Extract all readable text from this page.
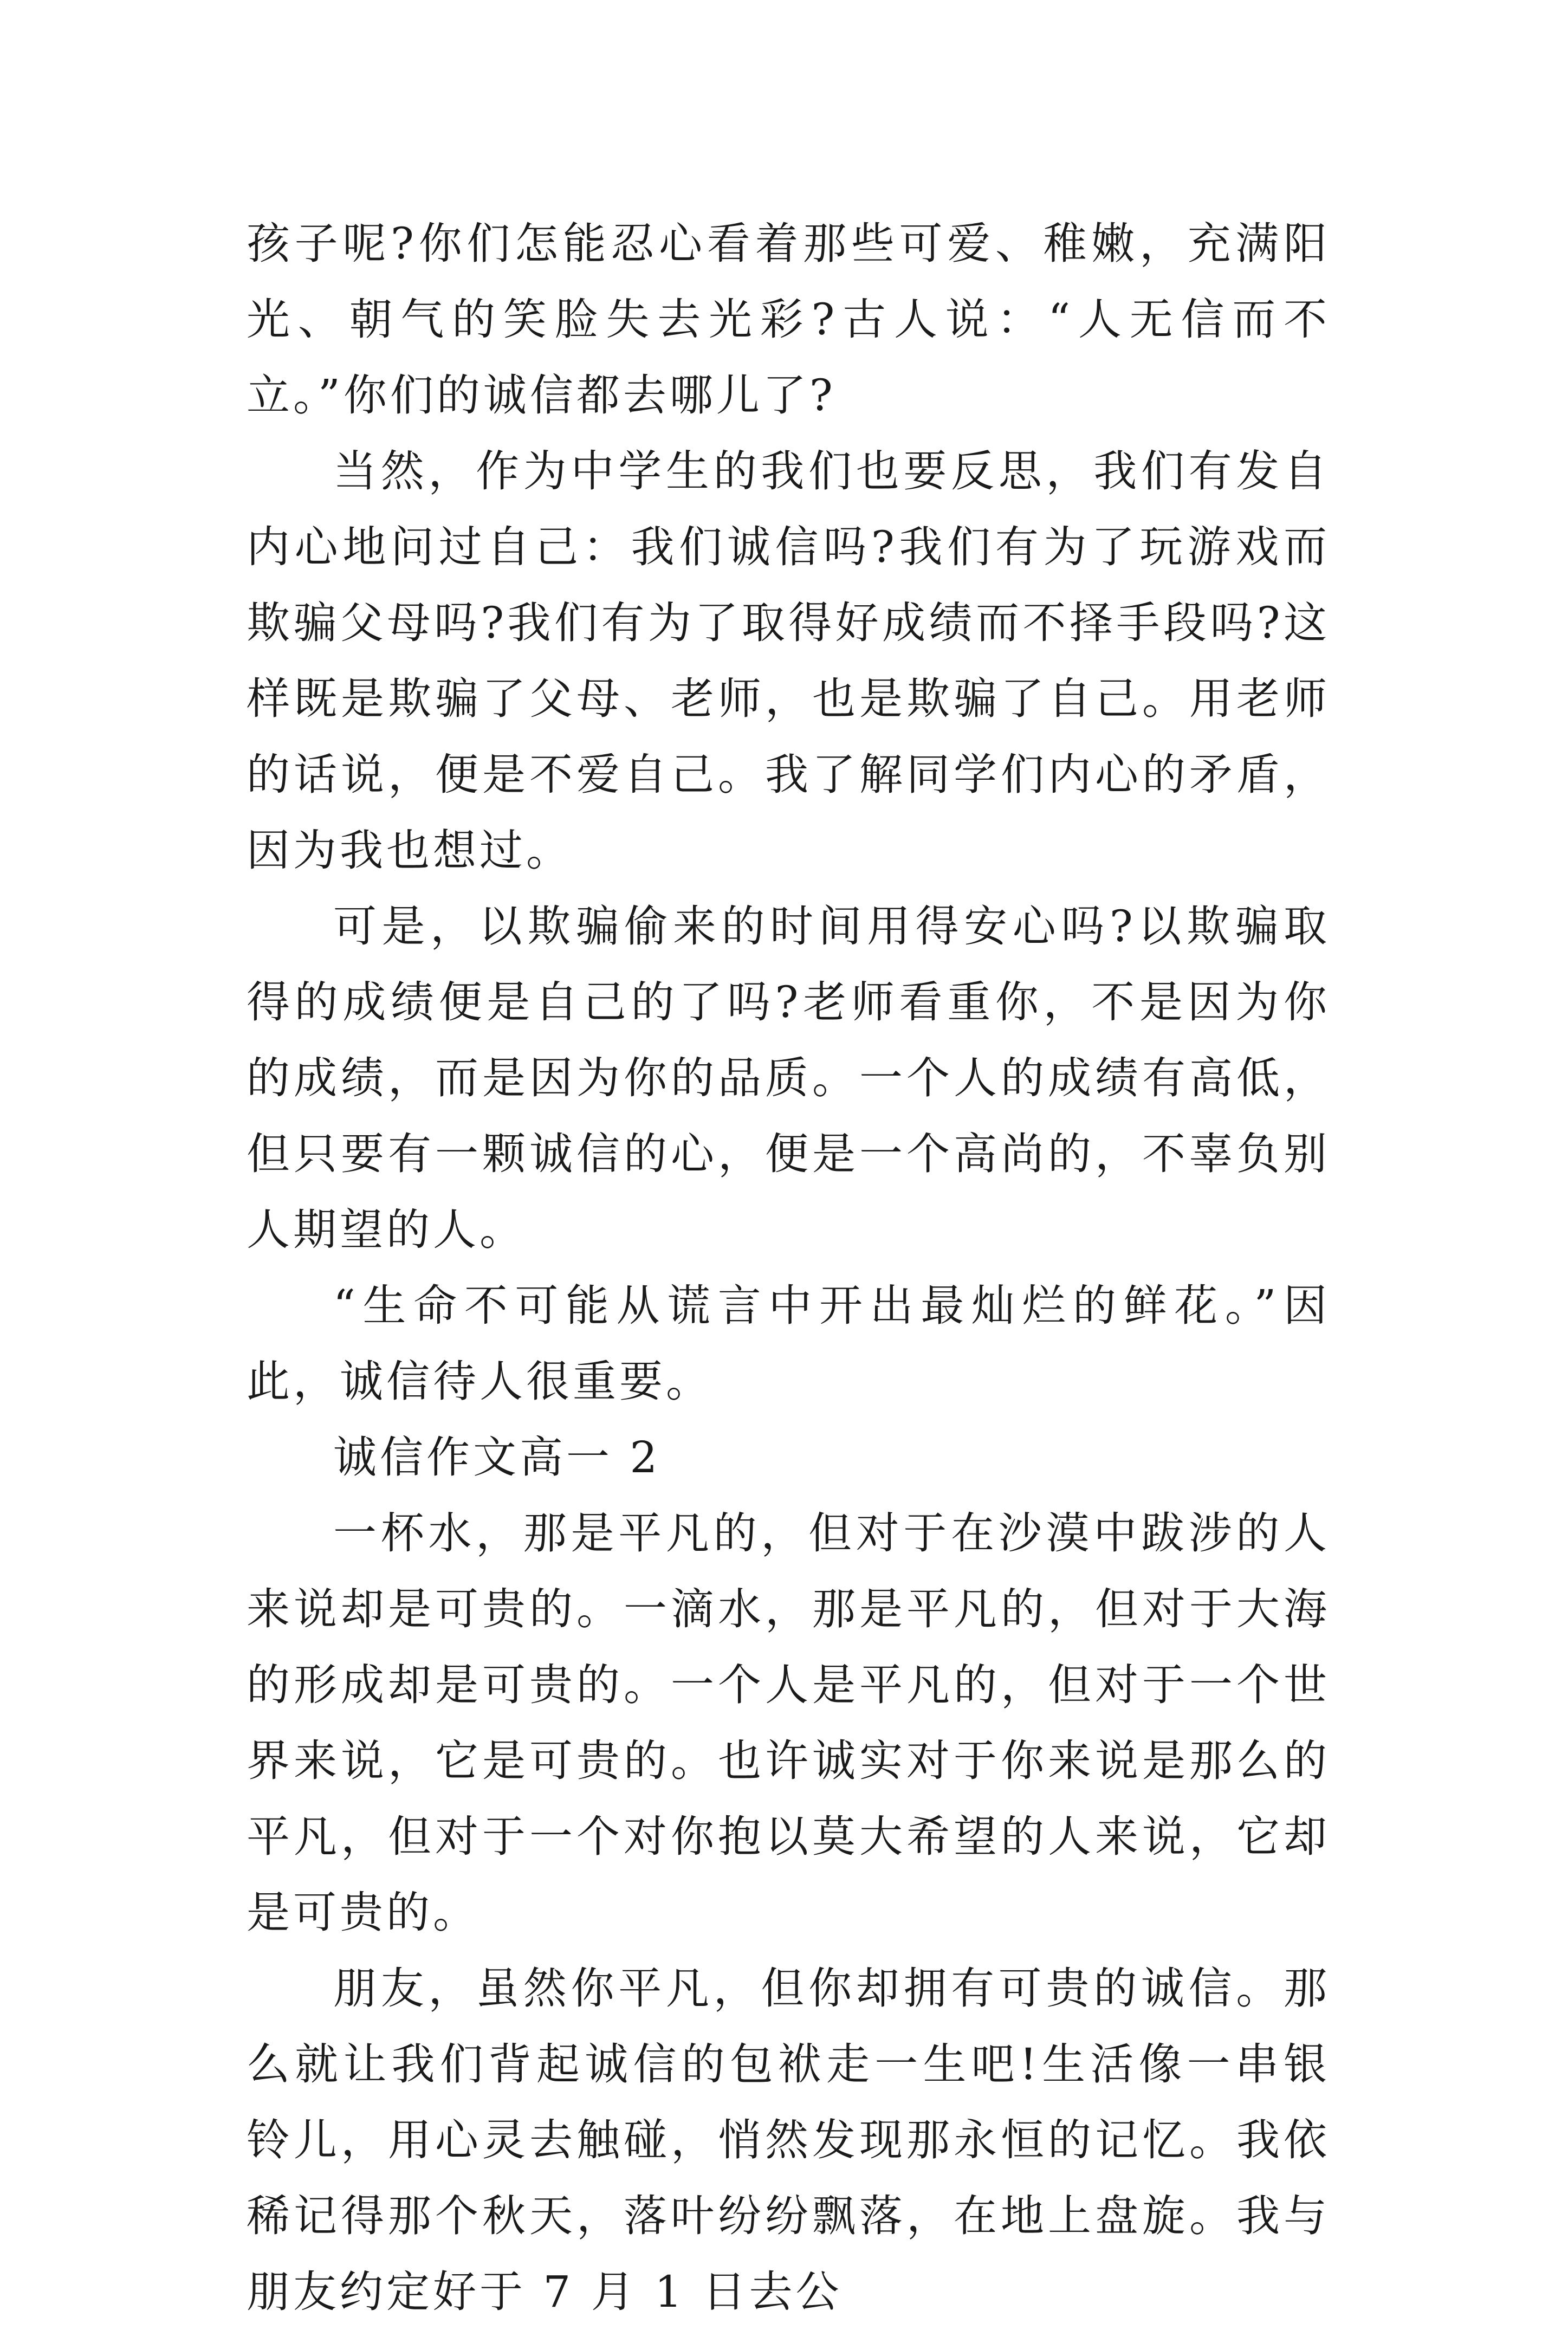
孩子呢?你们怎能忍心看着那些可爱、稚嫩，充满阳光、朝气的笑脸失去光彩?古人说：“人无信而不立。”你们的诚信都去哪儿了?

当然，作为中学生的我们也要反思，我们有发自内心地问过自己：我们诚信吗?我们有为了玩游戏而欺骗父母吗?我们有为了取得好成绩而不择手段吗?这样既是欺骗了父母、老师，也是欺骗了自己。用老师的话说，便是不爱自己。我了解同学们内心的矛盾，因为我也想过。

可是，以欺骗偷来的时间用得安心吗?以欺骗取得的成绩便是自己的了吗?老师看重你，不是因为你的成绩，而是因为你的品质。一个人的成绩有高低，但只要有一颗诚信的心，便是一个高尚的，不辜负别人期望的人。

“生命不可能从谎言中开出最灿烂的鲜花。”因此，诚信待人很重要。

诚信作文高一 2

一杯水，那是平凡的，但对于在沙漠中跋涉的人来说却是可贵的。一滴水，那是平凡的，但对于大海的形成却是可贵的。一个人是平凡的，但对于一个世界来说，它是可贵的。也许诚实对于你来说是那么的平凡，但对于一个对你抱以莫大希望的人来说，它却是可贵的。

朋友，虽然你平凡，但你却拥有可贵的诚信。那么就让我们背起诚信的包袱走一生吧!生活像一串银铃儿，用心灵去触碰，悄然发现那永恒的记忆。我依稀记得那个秋天，落叶纷纷飘落，在地上盘旋。我与朋友约定好于 7 月 1 日去公
